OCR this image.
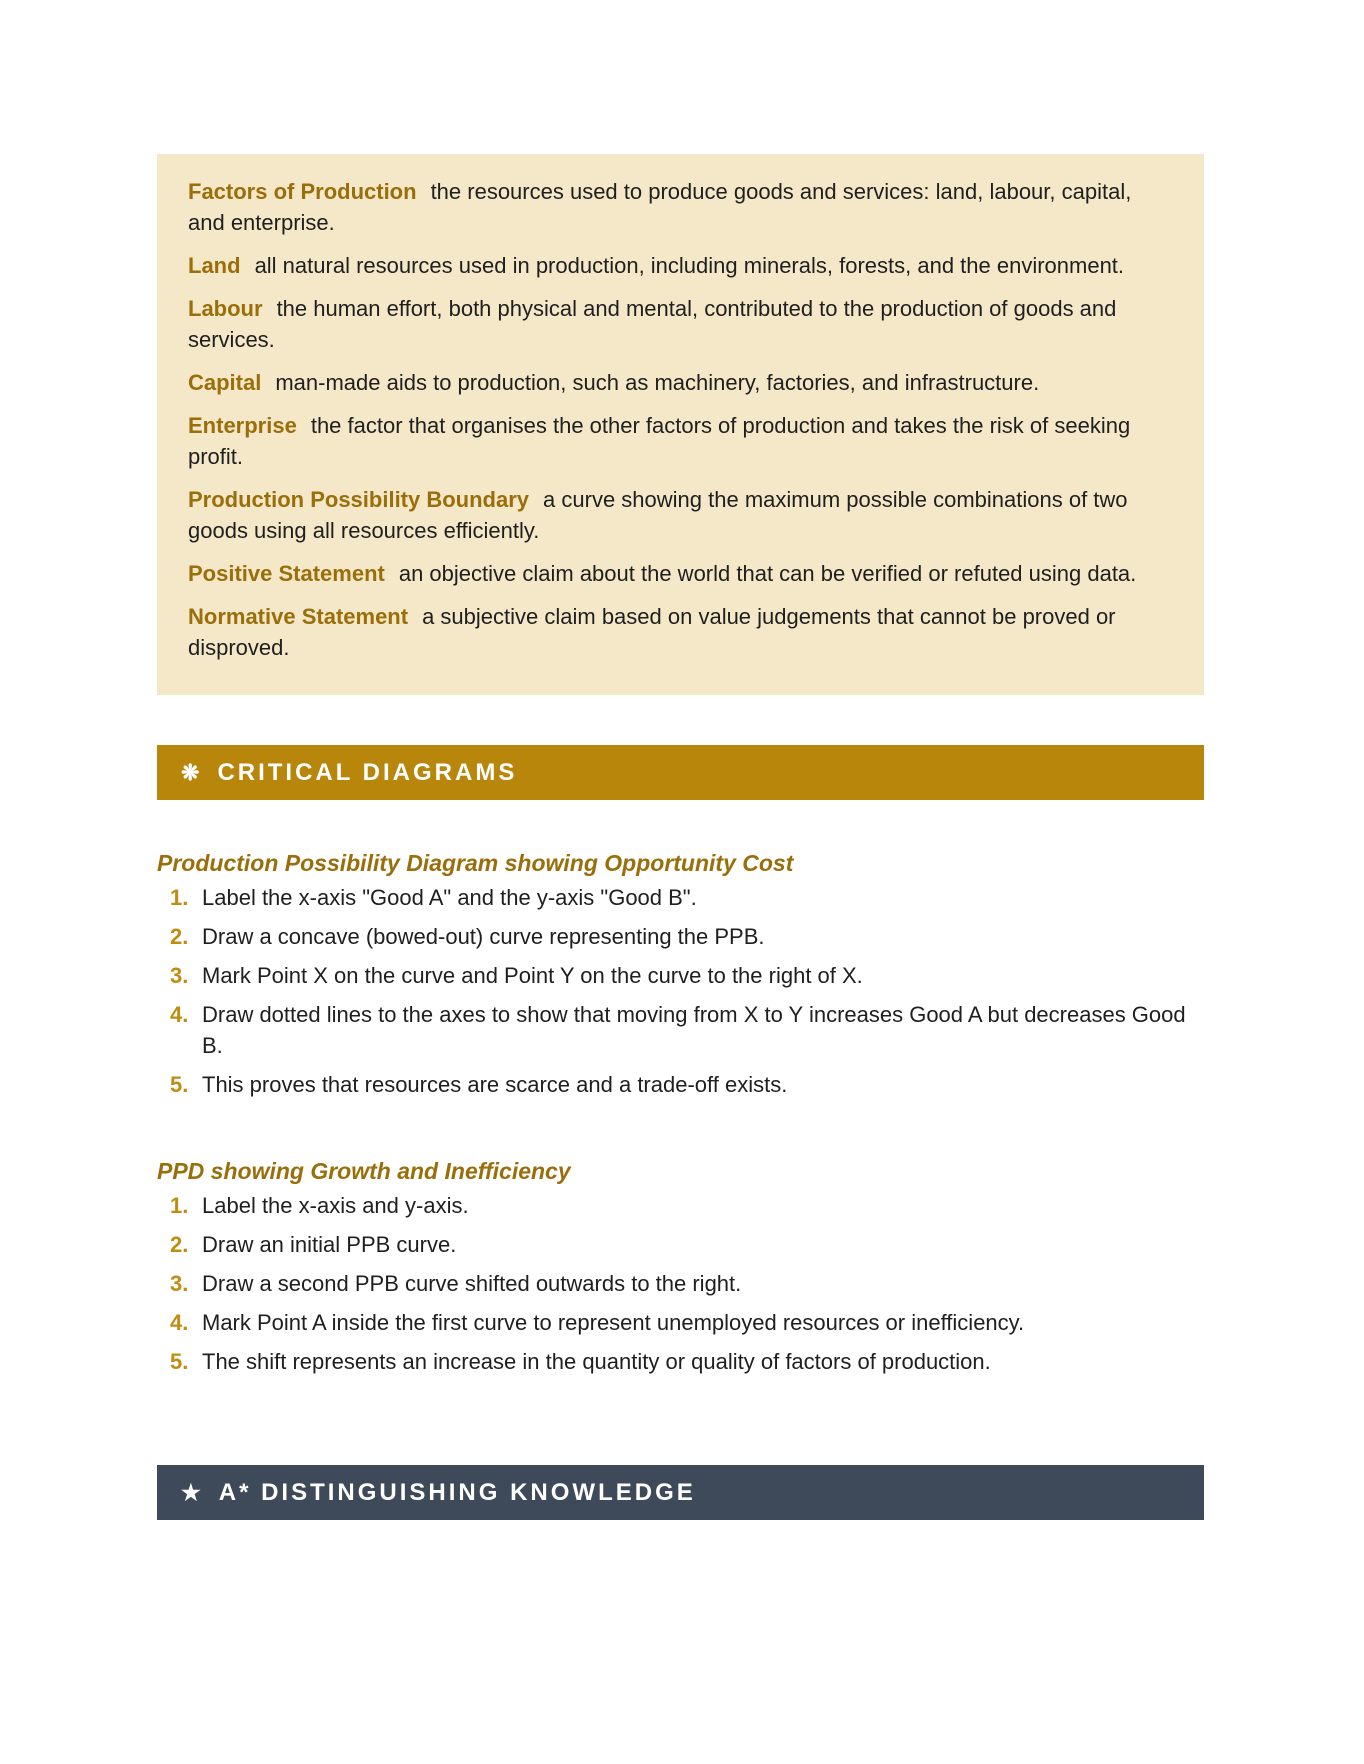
Factors of Production the resources used to produce goods and services: land, labour, capital, and enterprise.

Land all natural resources used in production, including minerals, forests, and the environment.

Labour the human effort, both physical and mental, contributed to the production of goods and services.

Capital man-made aids to production, such as machinery, factories, and infrastructure.

Enterprise the factor that organises the other factors of production and takes the risk of seeking profit.

Production Possibility Boundary a curve showing the maximum possible combinations of two goods using all resources efficiently.

Positive Statement an objective claim about the world that can be verified or refuted using data.

Normative Statement a subjective claim based on value judgements that cannot be proved or disproved.

❋ CRITICAL DIAGRAMS
Production Possibility Diagram showing Opportunity Cost
1. Label the x-axis "Good A" and the y-axis "Good B".
2. Draw a concave (bowed-out) curve representing the PPB.
3. Mark Point X on the curve and Point Y on the curve to the right of X.
4. Draw dotted lines to the axes to show that moving from X to Y increases Good A but decreases Good B.
5. This proves that resources are scarce and a trade-off exists.
PPD showing Growth and Inefficiency
1. Label the x-axis and y-axis.
2. Draw an initial PPB curve.
3. Draw a second PPB curve shifted outwards to the right.
4. Mark Point A inside the first curve to represent unemployed resources or inefficiency.
5. The shift represents an increase in the quantity or quality of factors of production.
★ A* DISTINGUISHING KNOWLEDGE
